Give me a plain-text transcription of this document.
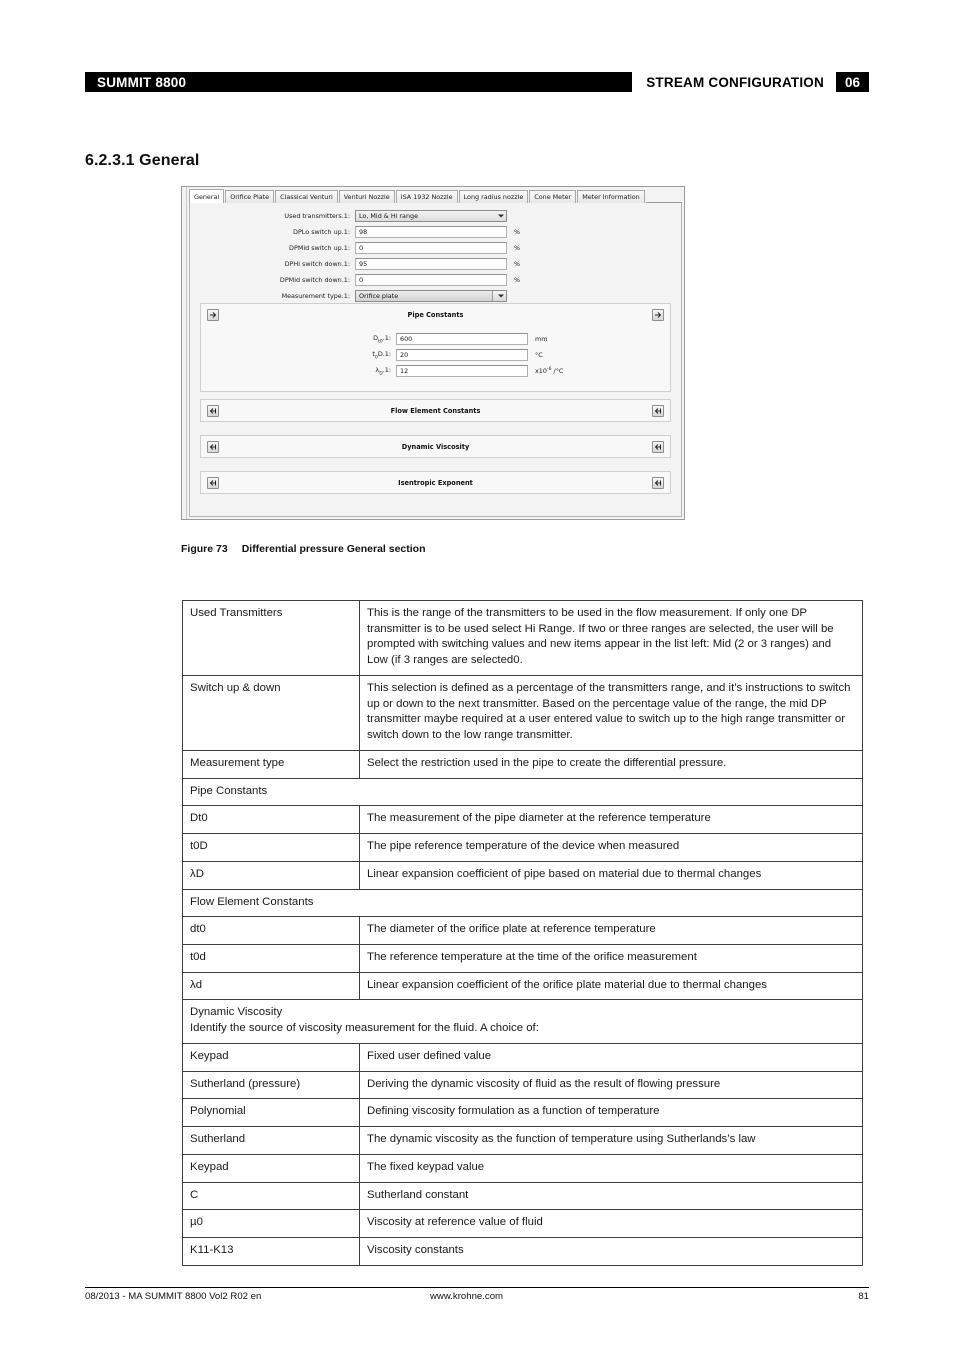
SUMMIT 8800	STREAM CONFIGURATION	06
6.2.3.1 General
General	Orifice Plate	Classical Venturi	Venturi Nozzle	ISA 1932 Nozzle	Long radius nozzle	Cone Meter	Meter Information
Used transmitters.1:	Lo, Mid & Hi range
DPLo switch up.1:	98	%
DPMid switch up.1:	0	%
DPHi switch down.1:	95	%
DPMid switch down.1:	0	%
Measurement type.1:	Orifice plate
Pipe Constants
$D_{t0}.1$:	600	mm
$t_0D.1$:	20	°C
$\lambda_D.1$:	12	$x10^{-6}$ /°C
Flow Element Constants
Dynamic Viscosity
Isentropic Exponent
Figure 73 Differential pressure General section
Used Transmitters	This is the range of the transmitters to be used in the flow measurement. If only one DP transmitter is to be used select Hi Range. If two or three ranges are selected, the user will be prompted with switching values and new items appear in the list left: Mid (2 or 3 ranges) and Low (if 3 ranges are selected0.
Switch up & down	This selection is defined as a percentage of the transmitters range, and it’s instructions to switch up or down to the next transmitter. Based on the percentage value of the range, the mid DP transmitter maybe required at a user entered value to switch up to the high range transmitter or switch down to the low range transmitter.
Measurement type	Select the restriction used in the pipe to create the differential pressure.
Pipe Constants	
Dt0	The measurement of the pipe diameter at the reference temperature
t0D	The pipe reference temperature of the device when measured
λD	Linear expansion coefficient of pipe based on material due to thermal changes
Flow Element Constants	
dt0	The diameter of the orifice plate at reference temperature
t0d	The reference temperature at the time of the orifice measurement
λd	Linear expansion coefficient of the orifice plate material due to thermal changes
Dynamic Viscosity
Identify the source of viscosity measurement for the fluid. A choice of:	
Keypad	Fixed user defined value
Sutherland (pressure)	Deriving the dynamic viscosity of fluid as the result of flowing pressure
Polynomial	Defining viscosity formulation as a function of temperature
Sutherland	The dynamic viscosity as the function of temperature using Sutherlands’s law
Keypad	The fixed keypad value
C	Sutherland constant
µ0	Viscosity at reference value of fluid
K11-K13	Viscosity constants
08/2013 - MA SUMMIT 8800 Vol2 R02 en	www.krohne.com	81
